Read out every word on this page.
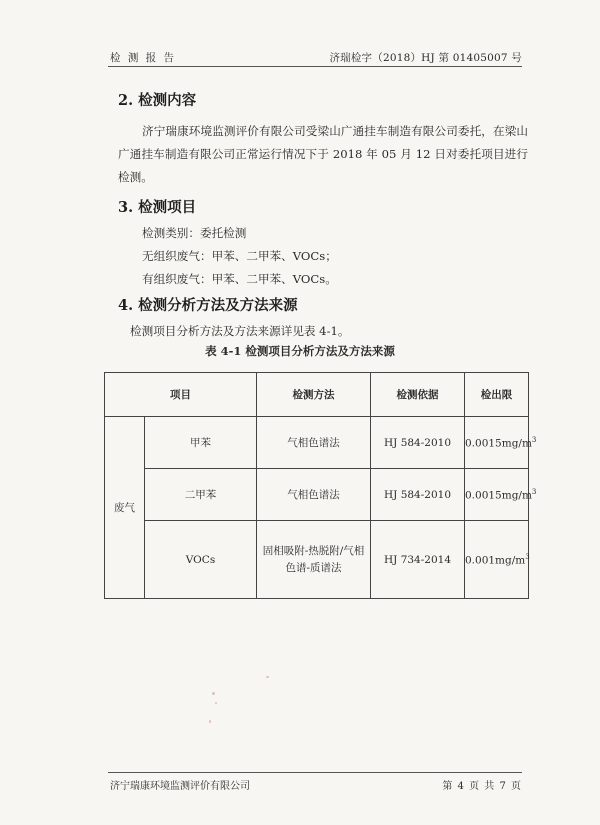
检 测 报 告	济瑞检字（2018）HJ 第 01405007 号
2. 检测内容
济宁瑞康环境监测评价有限公司受梁山广通挂车制造有限公司委托，在梁山广通挂车制造有限公司正常运行情况下于 2018 年 05 月 12 日对委托项目进行检测。
3. 检测项目
检测类别：委托检测
无组织废气：甲苯、二甲苯、VOCs；
有组织废气：甲苯、二甲苯、VOCs。
4. 检测分析方法及方法来源
检测项目分析方法及方法来源详见表 4-1。
表 4-1 检测项目分析方法及方法来源
项目		检测方法	检测依据	检出限
废气	甲苯	气相色谱法	HJ 584-2010	$0.0015mg/m^3$
	二甲苯	气相色谱法	HJ 584-2010	$0.0015mg/m^3$
	VOCs	固相吸附-热脱附/气相
色谱-质谱法	HJ 734-2014	$0.001mg/m^3$
济宁瑞康环境监测评价有限公司	第 4 页 共 7 页
